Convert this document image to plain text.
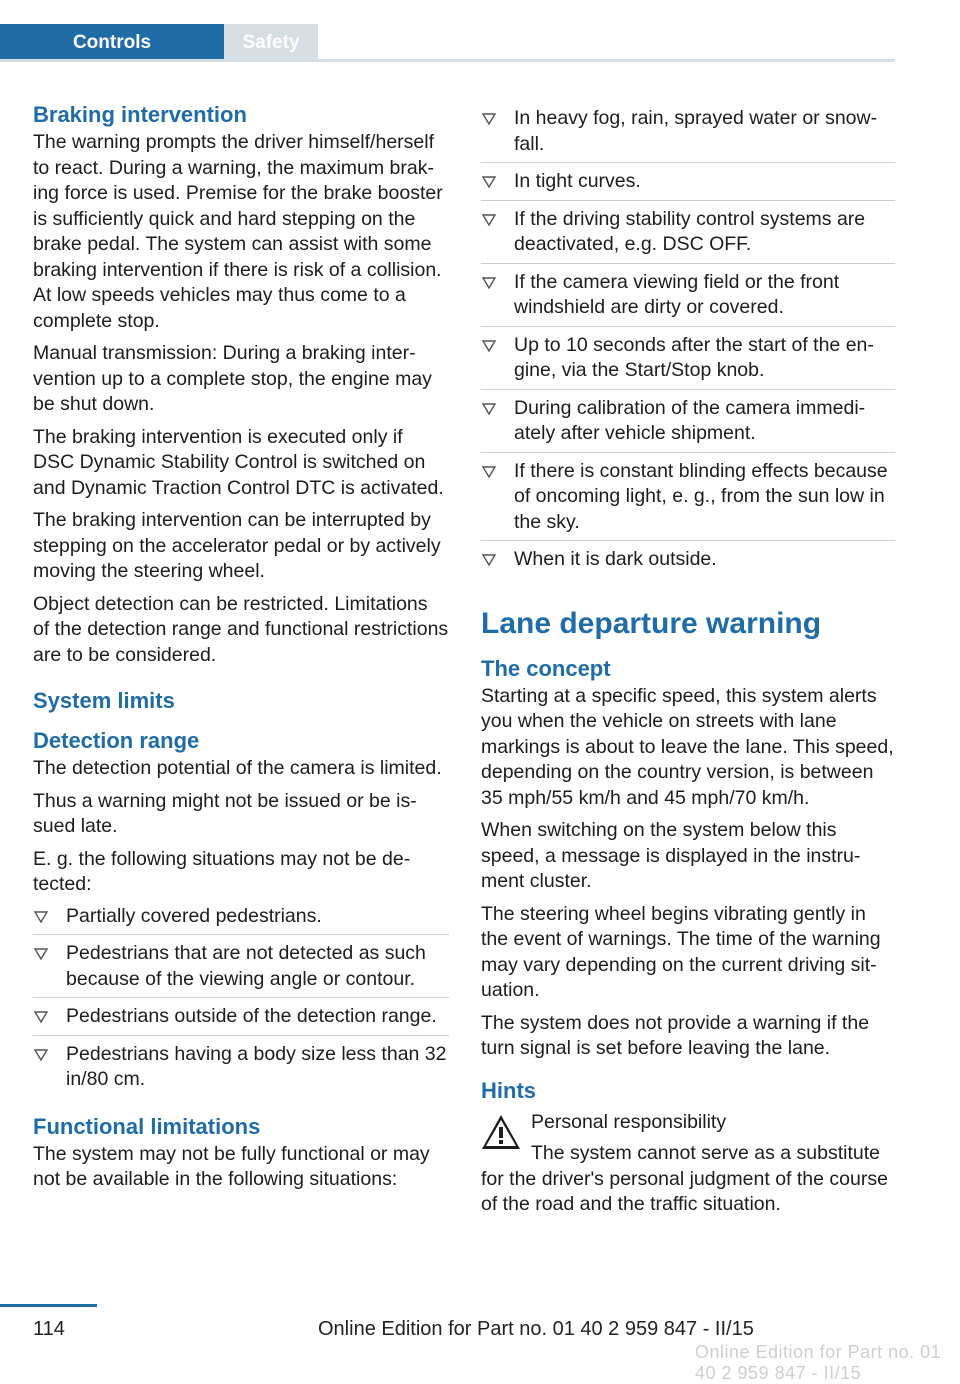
Controls	Safety
Braking intervention

The warning prompts the driver himself/herself to react. During a warning, the maximum braking force is used. Premise for the brake booster is sufficiently quick and hard stepping on the brake pedal. The system can assist with some braking intervention if there is risk of a collision. At low speeds vehicles may thus come to a complete stop.

Manual transmission: During a braking intervention up to a complete stop, the engine may be shut down.

The braking intervention is executed only if DSC Dynamic Stability Control is switched on and Dynamic Traction Control DTC is activated.

The braking intervention can be interrupted by stepping on the accelerator pedal or by actively moving the steering wheel.

Object detection can be restricted. Limitations of the detection range and functional restrictions are to be considered.

System limits
Detection range

The detection potential of the camera is limited.

Thus a warning might not be issued or be issued late.

E. g. the following situations may not be detected:

Partially covered pedestrians.
Pedestrians that are not detected as such because of the viewing angle or contour.
Pedestrians outside of the detection range.
Pedestrians having a body size less than 32 in/80 cm.
Functional limitations

The system may not be fully functional or may not be available in the following situations:

In heavy fog, rain, sprayed water or snowfall.
In tight curves.
If the driving stability control systems are deactivated, e.g. DSC OFF.
If the camera viewing field or the front windshield are dirty or covered.
Up to 10 seconds after the start of the engine, via the Start/Stop knob.
During calibration of the camera immediately after vehicle shipment.
If there is constant blinding effects because of oncoming light, e. g., from the sun low in the sky.
When it is dark outside.
Lane departure warning
The concept

Starting at a specific speed, this system alerts you when the vehicle on streets with lane markings is about to leave the lane. This speed, depending on the country version, is between 35 mph/55 km/h and 45 mph/70 km/h.

When switching on the system below this speed, a message is displayed in the instrument cluster.

The steering wheel begins vibrating gently in the event of warnings. The time of the warning may vary depending on the current driving situation.

The system does not provide a warning if the turn signal is set before leaving the lane.

Hints
Personal responsibility
The system cannot serve as a substitute
for the driver's personal judgment of the course of the road and the traffic situation.
114	Online Edition for Part no. 01 40 2 959 847 - II/15
Online Edition for Part no. 01 40 2 959 847 - II/15
